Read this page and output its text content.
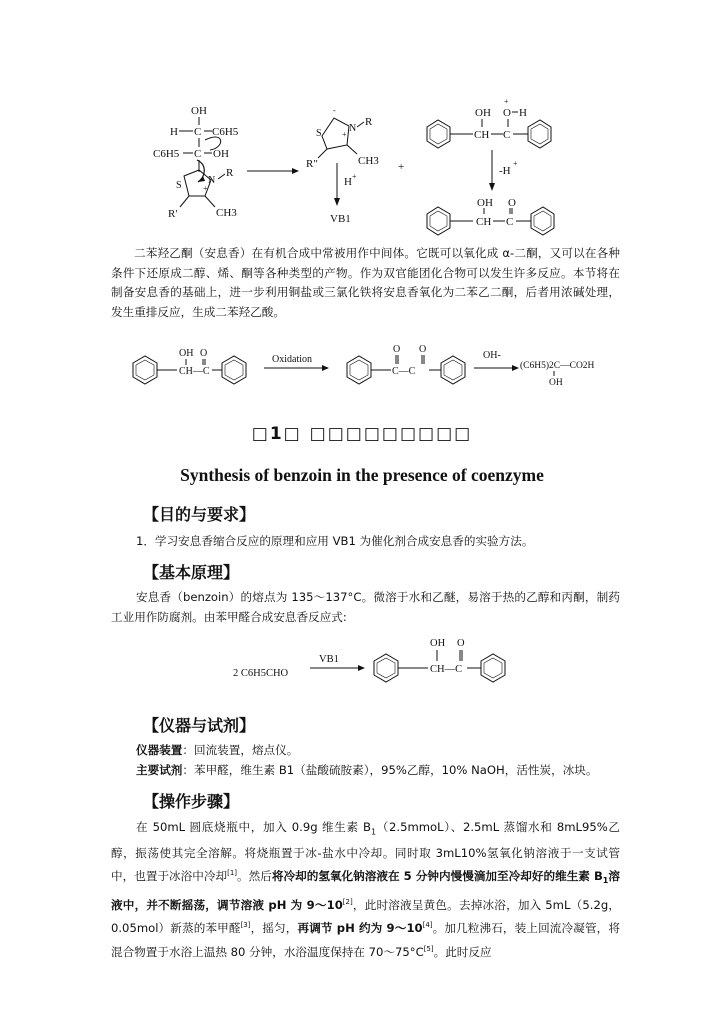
OH
H C C6H5
C6H5 C OH
S	N
+
R
R'	CH3
-
S	N
+
R
R"	CH3
H +
VB1
+
OH
CH C
+
O H
-H
+
OH
CH C
O

二苯羟乙酮（安息香）在有机合成中常被用作中间体。它既可以氧化成 α-二酮，又可以在各种条件下还原成二醇、烯、酮等各种类型的产物。作为双官能团化合物可以发生许多反应。本节将在制备安息香的基础上，进一步利用铜盐或三氯化铁将安息香氧化为二苯乙二酮，后者用浓碱处理，发生重排反应，生成二苯羟乙酸。

OH O
CH—C
Oxidation
O O
C—C
OH-
(C6H5)2C—CO2H
OH
□1□ □□□□□□□□□
Synthesis of benzoin in the presence of coenzyme
【目的与要求】

1．学习安息香缩合反应的原理和应用 VB1 为催化剂合成安息香的实验方法。

【基本原理】

安息香（benzoin）的熔点为 135～137°C。微溶于水和乙醚，易溶于热的乙醇和丙酮，制药工业用作防腐剂。由苯甲醛合成安息香反应式:

2 C6H5CHO
VB1
OH O
CH—C
【仪器与试剂】

仪器装置：回流装置，熔点仪。

主要试剂：苯甲醛，维生素 B1（盐酸硫胺素），95%乙醇，10% NaOH，活性炭，冰块。

【操作步骤】

在 50mL 圆底烧瓶中，加入 0.9g 维生素 $B_1(2.5mmoL)$、2.5mL 蒸馏水和 8mL95%乙醇，振荡使其完全溶解。将烧瓶置于冰-盐水中冷却。同时取 3mL10%氢氧化钠溶液于一支试管中，也置于冰浴中冷却[1]。然后将冷却的氢氧化钠溶液在 5 分钟内慢慢滴加至冷却好的维生素 $B_1$溶液中，并不断摇荡，调节溶液 pH 为 9～10[2]，此时溶液呈黄色。去掉冰浴，加入 5mL（5.2g，0.05mol）新蒸的苯甲醛[3]，摇匀，再调节 pH 约为 9～10[4]。加几粒沸石，装上回流冷凝管，将混合物置于水浴上温热 80 分钟，水浴温度保持在 70～75°C[5]。此时反应
